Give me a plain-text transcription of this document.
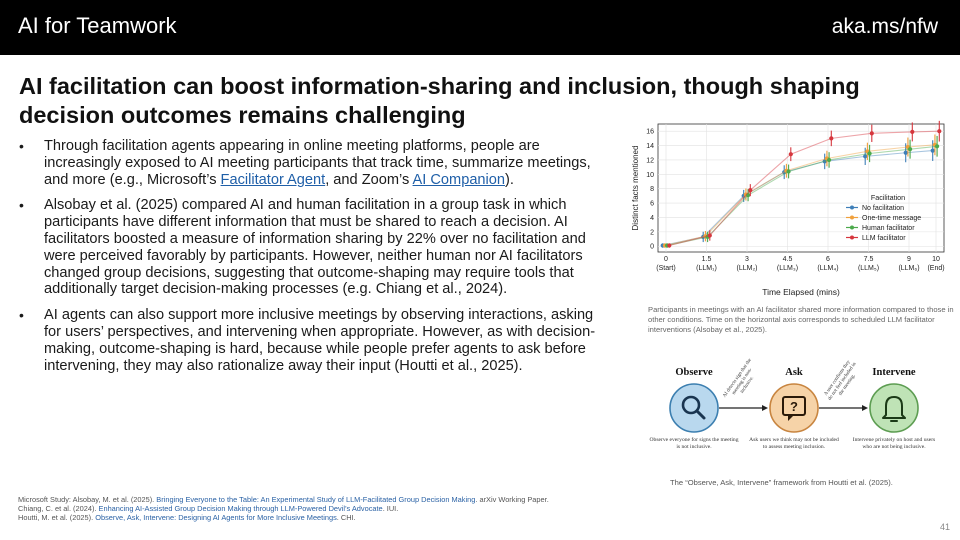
AI for Teamwork	aka.ms/nfw
AI facilitation can boost information-sharing and inclusion, though shaping decision outcomes remains challenging
• Through facilitation agents appearing in online meeting platforms, people are increasingly exposed to AI meeting participants that track time, summarize meetings, and more (e.g., Microsoft’s Facilitator Agent, and Zoom’s AI Companion).
• Alsobay et al. (2025) compared AI and human facilitation in a group task in which participants have different information that must be shared to reach a decision. AI facilitators boosted a measure of information sharing by 22% over no facilitation and were perceived favorably by participants. However, neither human nor AI facilitators changed group decisions, suggesting that outcome-shaping may require tools that additionally target decision-making processes (e.g. Chiang et al., 2024).
• AI agents can also support more inclusive meetings by observing interactions, asking for users’ perspectives, and intervening when appropriate. However, as with decision-making, outcome-shaping is hard, because while people prefer agents to ask before intervening, they may also rationalize away their input (Houtti et al., 2025).
0
2
4
6
8
10
12
14
16
0
(Start)
1.5
(LLM₁)
3
(LLM₂)
4.5
(LLM₃)
6
(LLM₄)
7.5
(LLM₅)
9
(LLM₆)
10
(End)
Time Elapsed (mins)
Distinct facts mentioned	Facilitation
No facilitation
One-time message
Human facilitator
LLM facilitator
Participants in meetings with an AI facilitator shared more information compared to those in other conditions. Time on the horizontal axis corresponds to scheduled LLM facilitator interventions (Alsobay et al., 2025).
?
Observe	Ask	Intervene
AI detects sign that the meeting is non-inclusive.	A user confirms they do not feel included in the meeting.
Observe everyone for signs the meeting is not inclusive.
Ask users we think may not be included to assess meeting inclusion.
Intervene privately on host and users who are not being inclusive.
The “Observe, Ask, Intervene” framework from Houtti et al. (2025).
Microsoft Study: Alsobay, M. et al. (2025). Bringing Everyone to the Table: An Experimental Study of LLM-Facilitated Group Decision Making. arXiv Working Paper.
Chiang, C. et al. (2024). Enhancing AI-Assisted Group Decision Making through LLM-Powered Devil’s Advocate. IUI.
Houtti, M. et al. (2025). Observe, Ask, Intervene: Designing AI Agents for More Inclusive Meetings. CHI.
41
